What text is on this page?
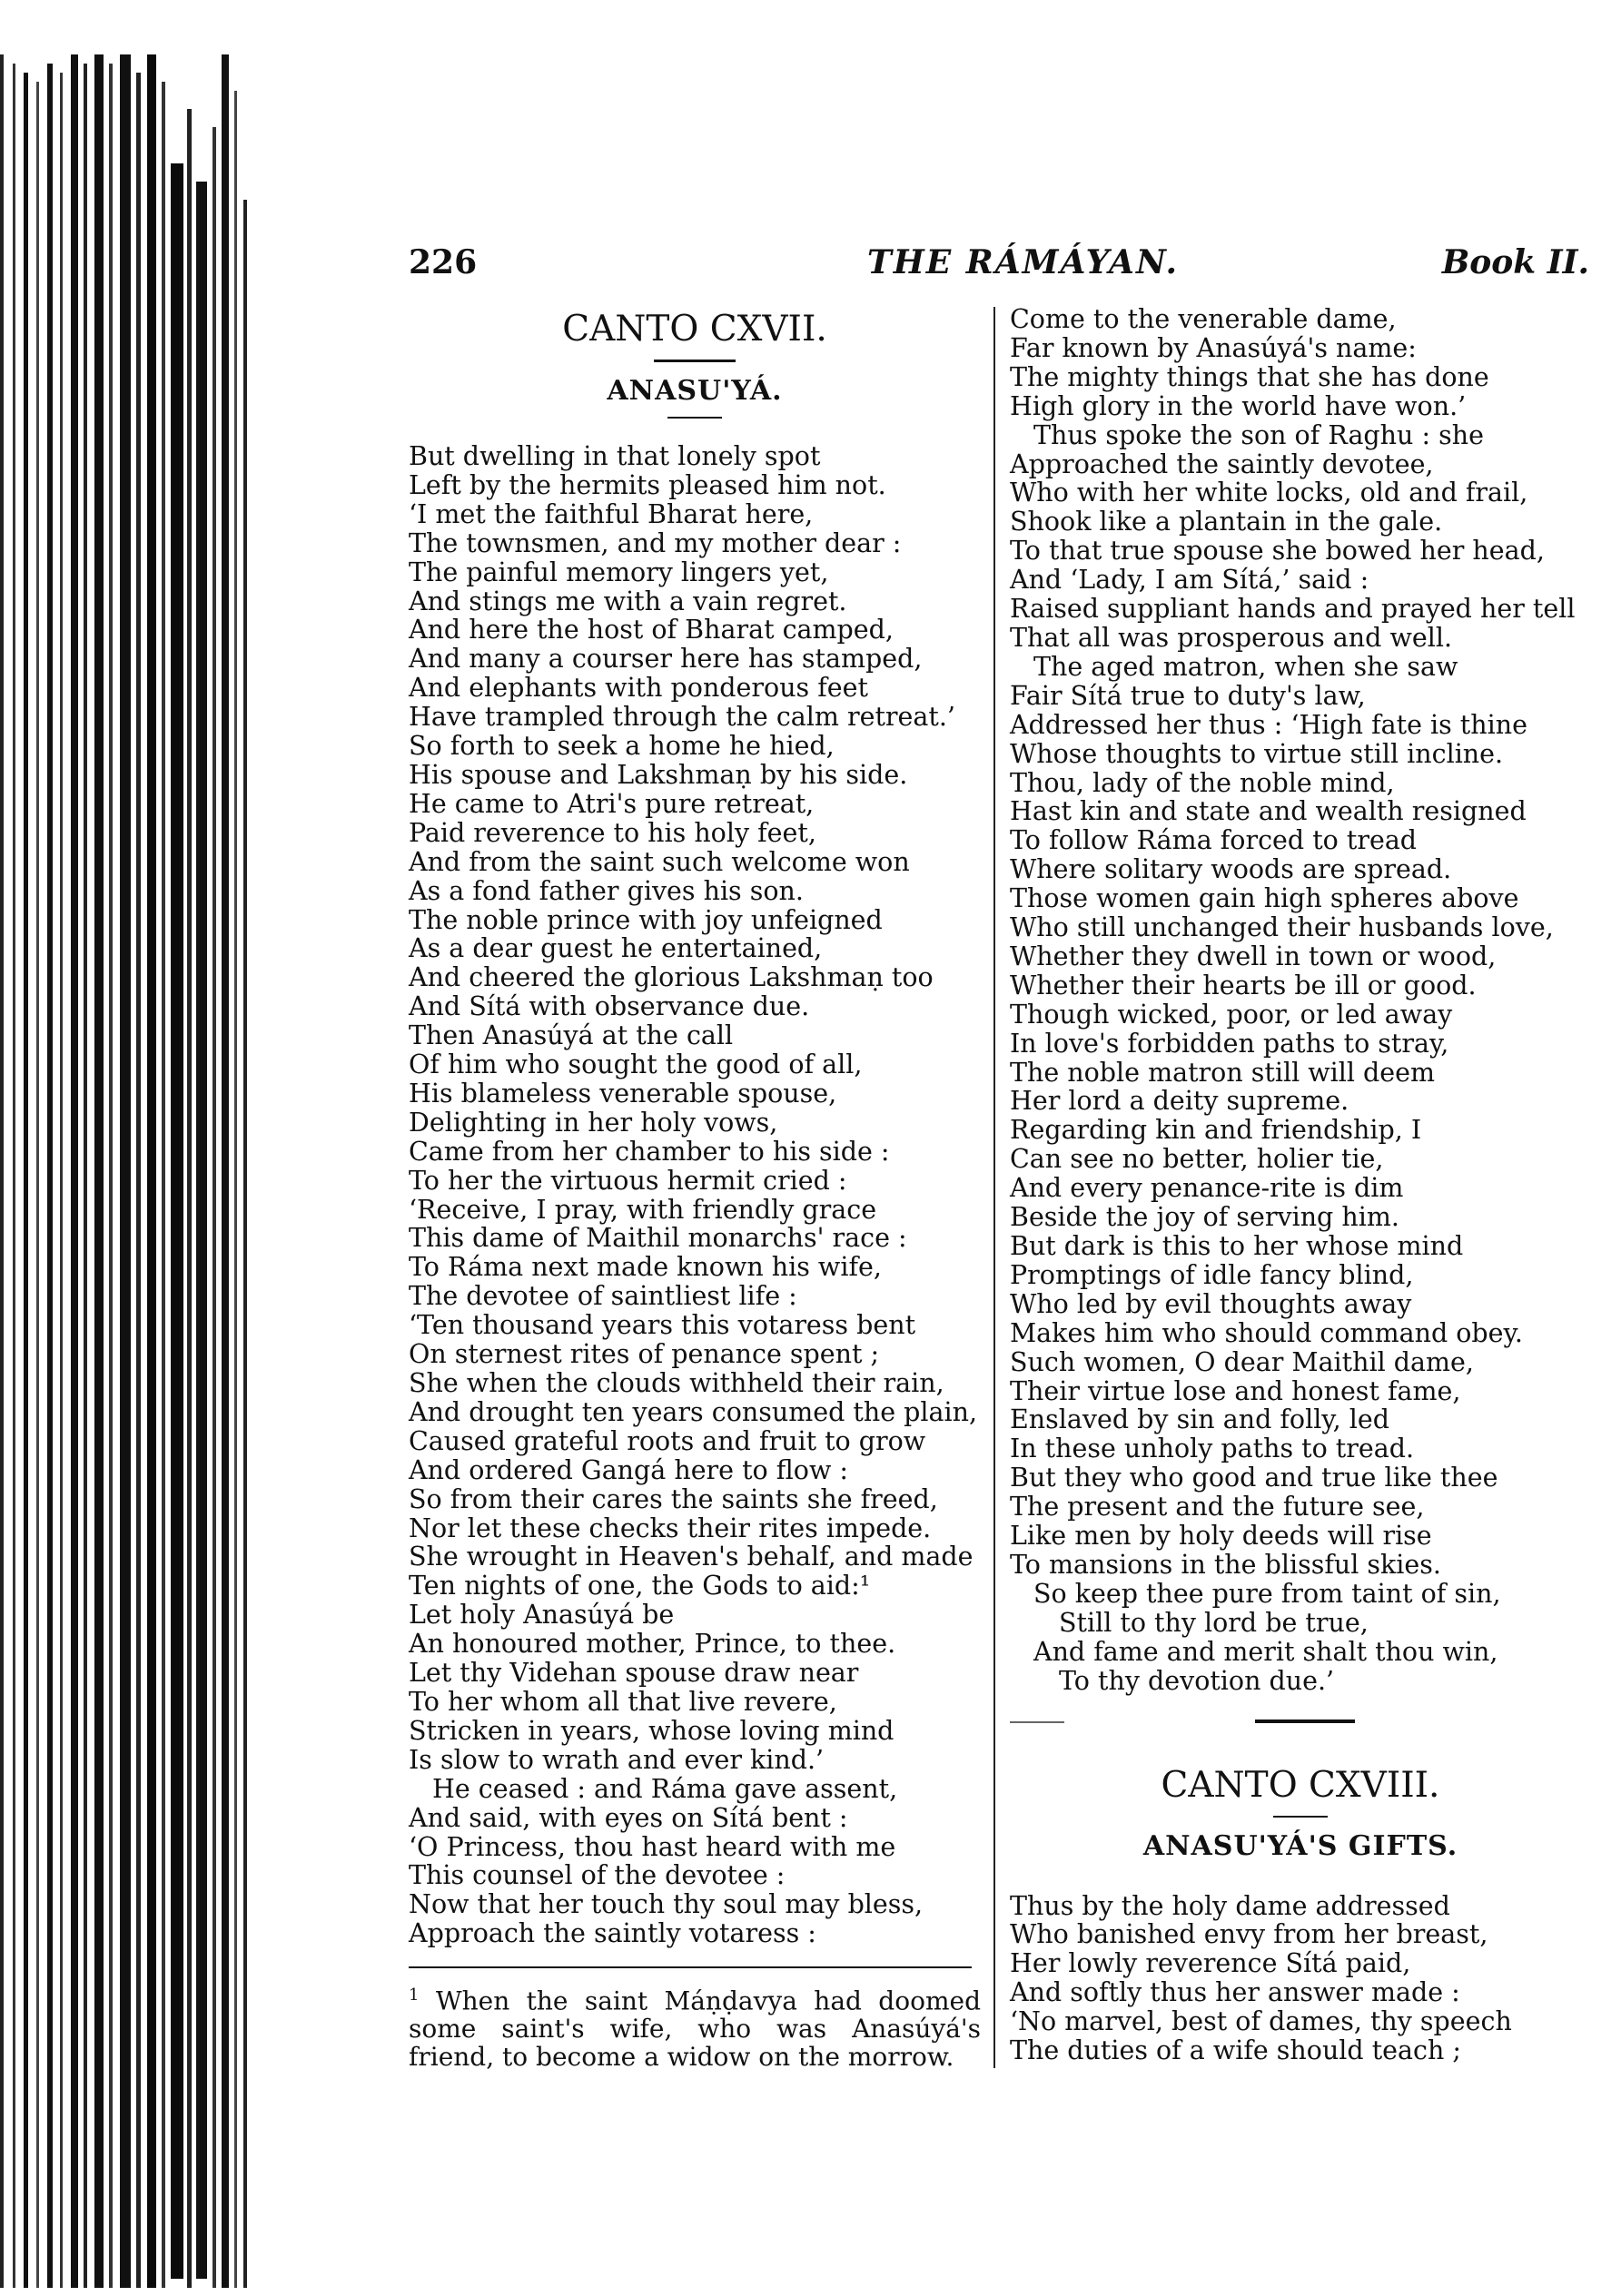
226	THE RÁMÁYAN.	Book II.
CANTO CXVII.
ANASU'YÁ.
But dwelling in that lonely spot
Left by the hermits pleased him not.
‘I met the faithful Bharat here,
The townsmen, and my mother dear :
The painful memory lingers yet,
And stings me with a vain regret.
And here the host of Bharat camped,
And many a courser here has stamped,
And elephants with ponderous feet
Have trampled through the calm retreat.’
So forth to seek a home he hied,
His spouse and Lakshmaṇ by his side.
He came to Atri's pure retreat,
Paid reverence to his holy feet,
And from the saint such welcome won
As a fond father gives his son.
The noble prince with joy unfeigned
As a dear guest he entertained,
And cheered the glorious Lakshmaṇ too
And Sítá with observance due.
Then Anasúyá at the call
Of him who sought the good of all,
His blameless venerable spouse,
Delighting in her holy vows,
Came from her chamber to his side :
To her the virtuous hermit cried :
‘Receive, I pray, with friendly grace
This dame of Maithil monarchs' race :
To Ráma next made known his wife,
The devotee of saintliest life :
‘Ten thousand years this votaress bent
On sternest rites of penance spent ;
She when the clouds withheld their rain,
And drought ten years consumed the plain,
Caused grateful roots and fruit to grow
And ordered Gangá here to flow :
So from their cares the saints she freed,
Nor let these checks their rites impede.
She wrought in Heaven's behalf, and made
Ten nights of one, the Gods to aid:¹
Let holy Anasúyá be
An honoured mother, Prince, to thee.
Let thy Videhan spouse draw near
To her whom all that live revere,
Stricken in years, whose loving mind
Is slow to wrath and ever kind.’
He ceased : and Ráma gave assent,
And said, with eyes on Sítá bent :
‘O Princess, thou hast heard with me
This counsel of the devotee :
Now that her touch thy soul may bless,
Approach the saintly votaress :

$^1$ When the saint Máṇḍavya had doomed some saint's wife, who was Anasúyá's friend, to become a widow on the morrow.

Come to the venerable dame,
Far known by Anasúyá's name:
The mighty things that she has done
High glory in the world have won.’
Thus spoke the son of Raghu : she
Approached the saintly devotee,
Who with her white locks, old and frail,
Shook like a plantain in the gale.
To that true spouse she bowed her head,
And ‘Lady, I am Sítá,’ said :
Raised suppliant hands and prayed her tell
That all was prosperous and well.
The aged matron, when she saw
Fair Sítá true to duty's law,
Addressed her thus : ‘High fate is thine
Whose thoughts to virtue still incline.
Thou, lady of the noble mind,
Hast kin and state and wealth resigned
To follow Ráma forced to tread
Where solitary woods are spread.
Those women gain high spheres above
Who still unchanged their husbands love,
Whether they dwell in town or wood,
Whether their hearts be ill or good.
Though wicked, poor, or led away
In love's forbidden paths to stray,
The noble matron still will deem
Her lord a deity supreme.
Regarding kin and friendship, I
Can see no better, holier tie,
And every penance-rite is dim
Beside the joy of serving him.
But dark is this to her whose mind
Promptings of idle fancy blind,
Who led by evil thoughts away
Makes him who should command obey.
Such women, O dear Maithil dame,
Their virtue lose and honest fame,
Enslaved by sin and folly, led
In these unholy paths to tread.
But they who good and true like thee
The present and the future see,
Like men by holy deeds will rise
To mansions in the blissful skies.
So keep thee pure from taint of sin,
Still to thy lord be true,
And fame and merit shalt thou win,
To thy devotion due.’
CANTO CXVIII.
ANASU'YÁ'S GIFTS.
Thus by the holy dame addressed
Who banished envy from her breast,
Her lowly reverence Sítá paid,
And softly thus her answer made :
‘No marvel, best of dames, thy speech
The duties of a wife should teach ;
